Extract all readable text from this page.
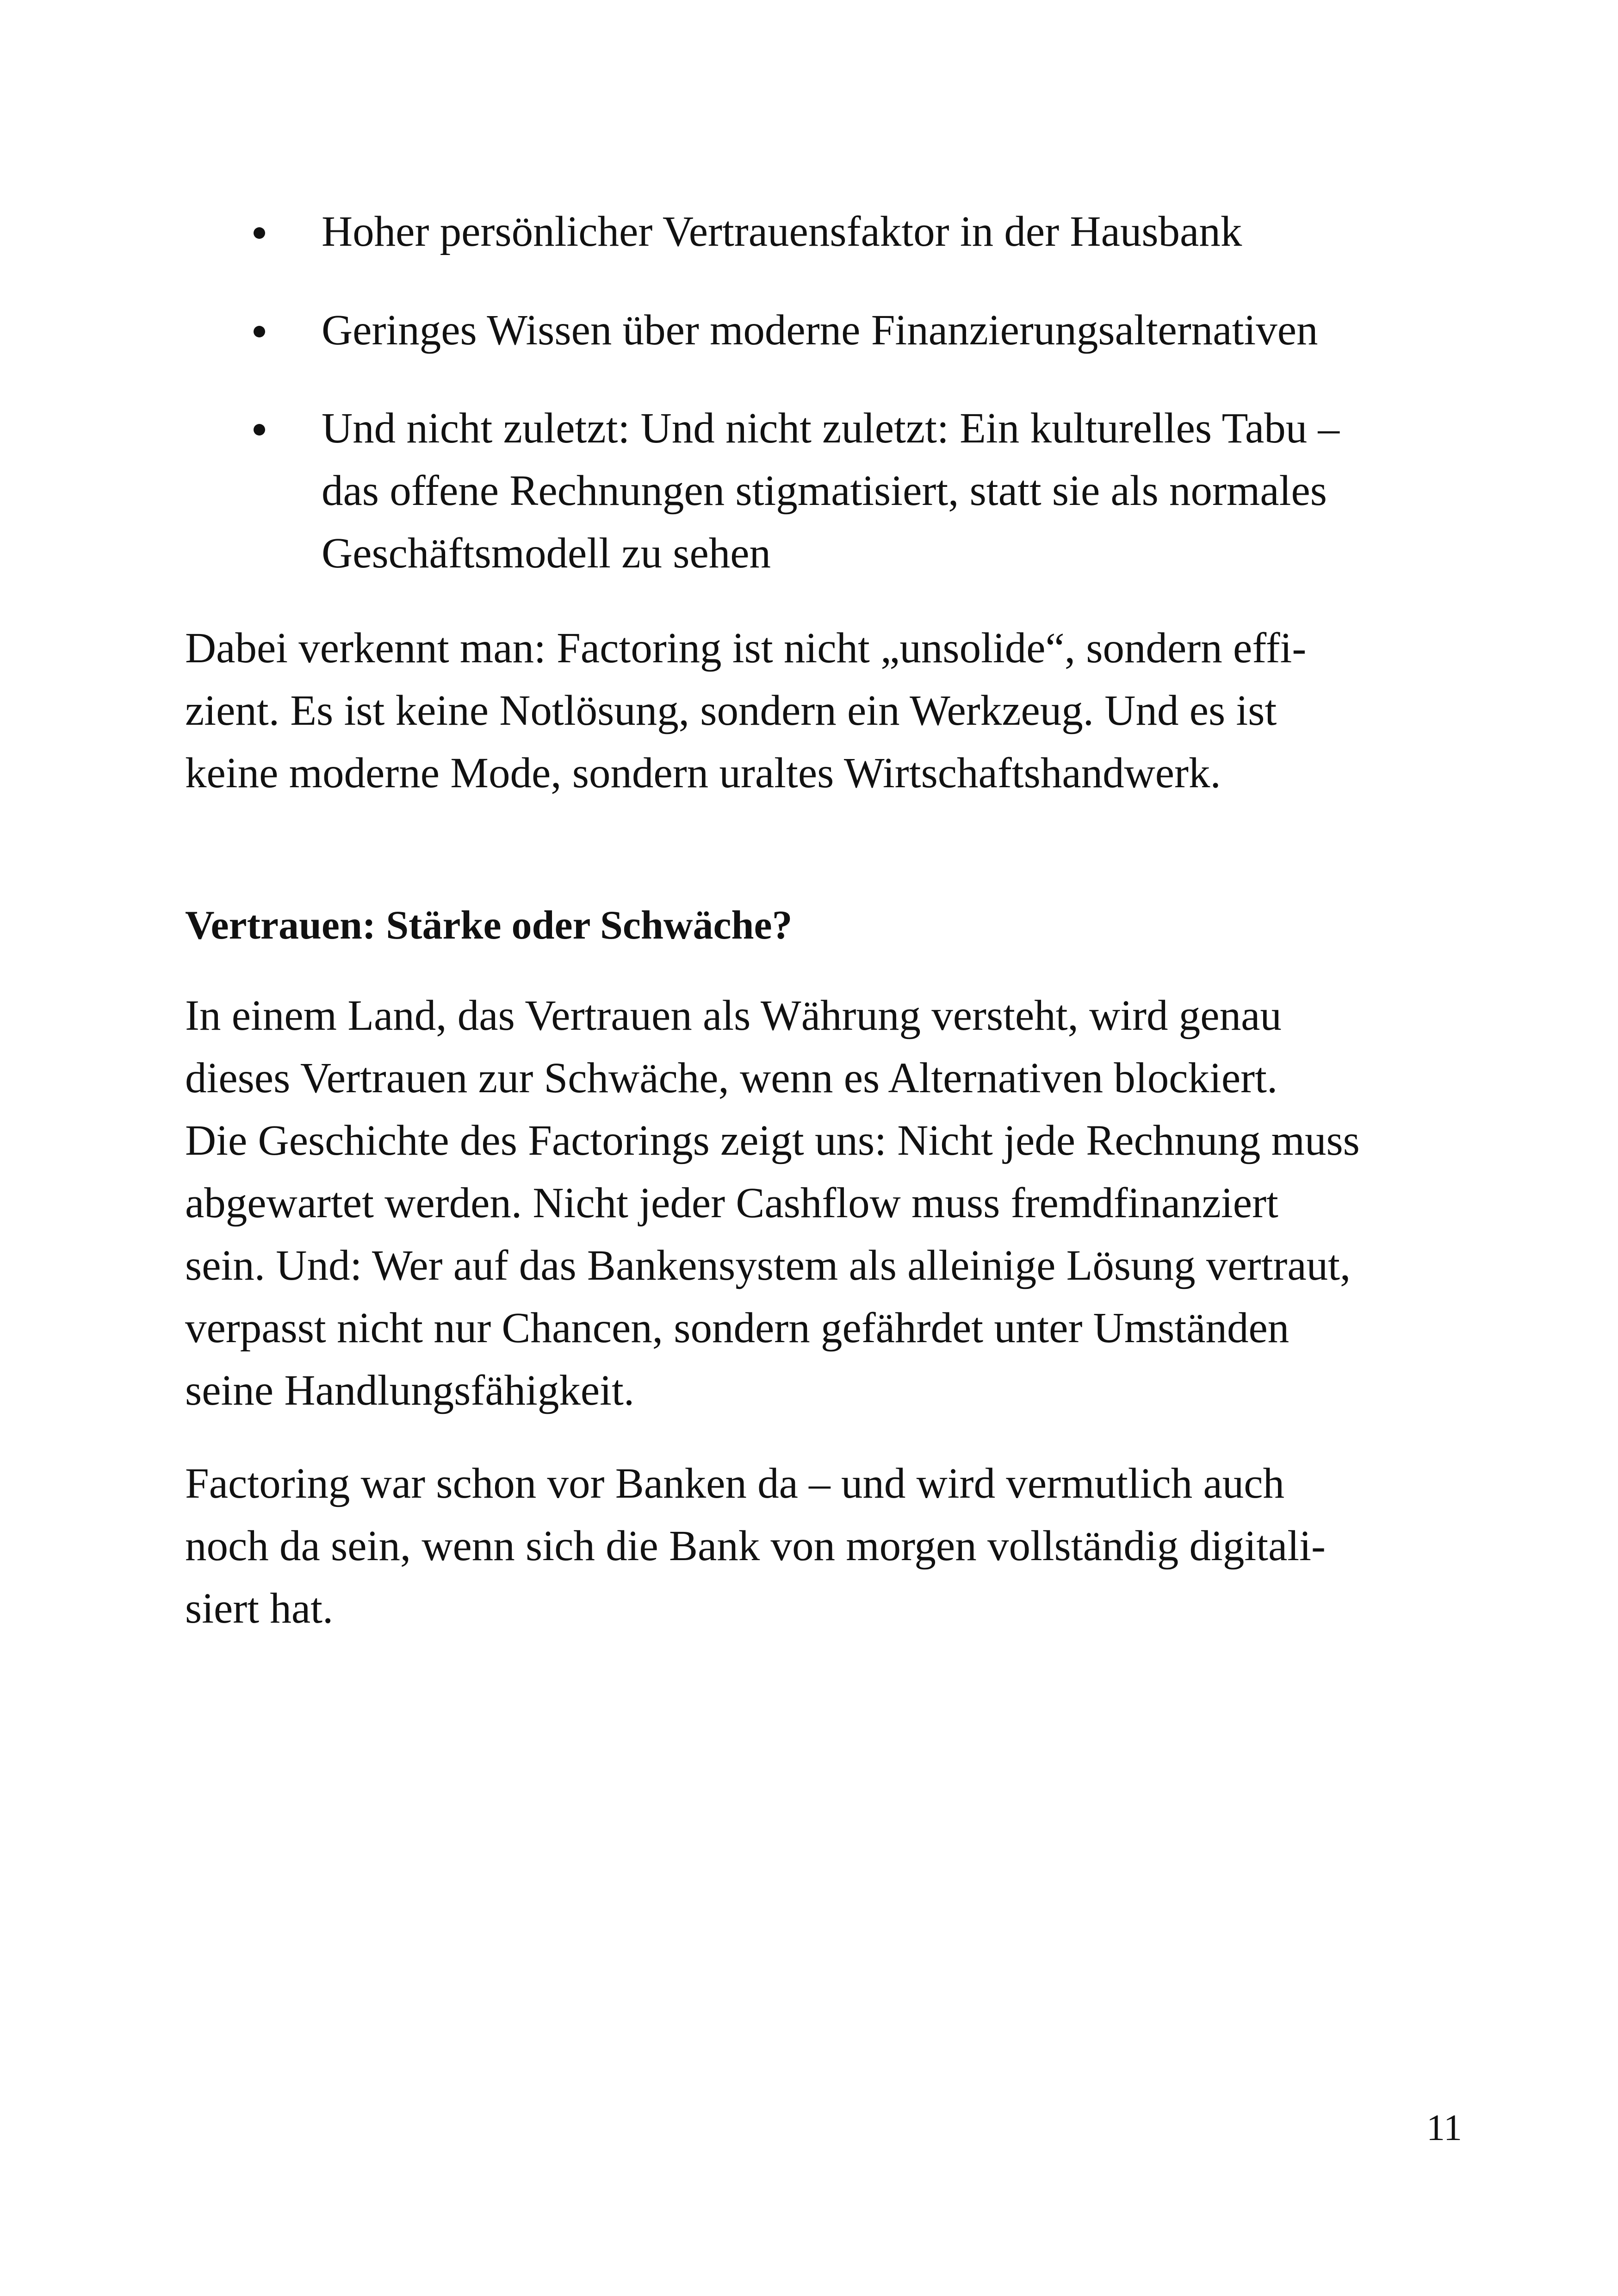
Hoher persönlicher Vertrauensfaktor in der Hausbank
Geringes Wissen über moderne Finanzierungsalternativen
Und nicht zuletzt: Und nicht zuletzt: Ein kulturelles Tabu –
das offene Rechnungen stigmatisiert, statt sie als normales
Geschäftsmodell zu sehen

Dabei verkennt man: Factoring ist nicht „unsolide“, sondern effi-
zient. Es ist keine Notlösung, sondern ein Werkzeug. Und es ist
keine moderne Mode, sondern uraltes Wirtschaftshandwerk.

Vertrauen: Stärke oder Schwäche?

In einem Land, das Vertrauen als Währung versteht, wird genau
dieses Vertrauen zur Schwäche, wenn es Alternativen blockiert.
Die Geschichte des Factorings zeigt uns: Nicht jede Rechnung muss
abgewartet werden. Nicht jeder Cashflow muss fremdfinanziert
sein. Und: Wer auf das Bankensystem als alleinige Lösung vertraut,
verpasst nicht nur Chancen, sondern gefährdet unter Umständen
seine Handlungsfähigkeit.

Factoring war schon vor Banken da – und wird vermutlich auch
noch da sein, wenn sich die Bank von morgen vollständig digitali-
siert hat.

11
